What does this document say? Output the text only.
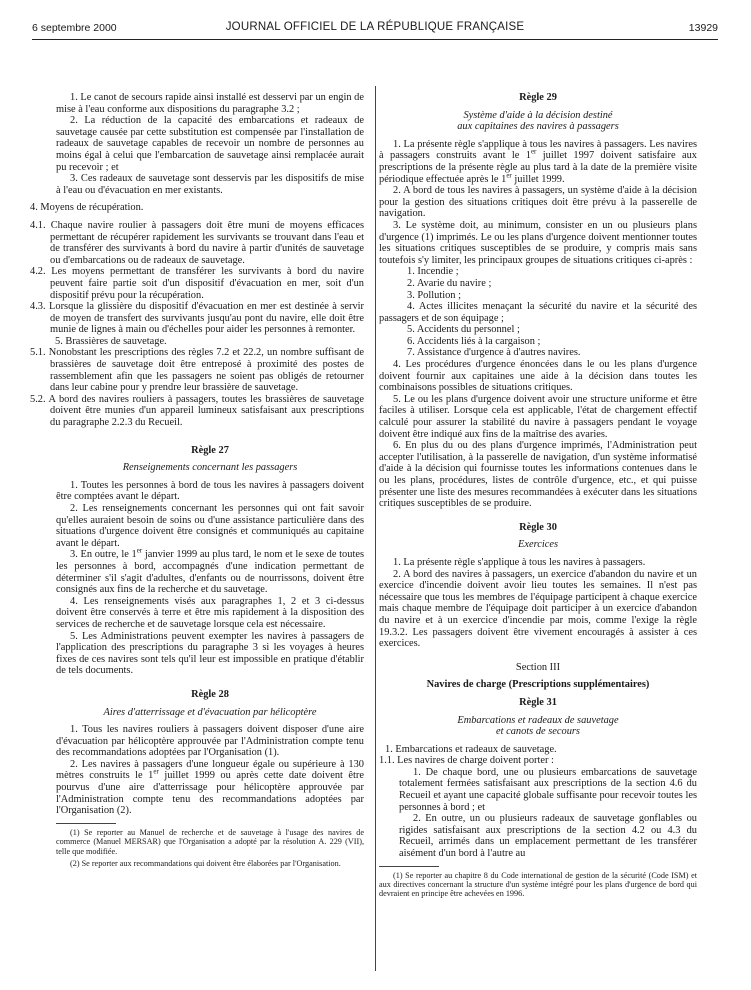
6 septembre 2000	JOURNAL OFFICIEL DE LA RÉPUBLIQUE FRANÇAISE	13929

1. Le canot de secours rapide ainsi installé est desservi par un engin de mise à l'eau conforme aux dispositions du paragraphe 3.2 ;

2. La réduction de la capacité des embarcations et radeaux de sauvetage causée par cette substitution est compensée par l'installation de radeaux de sauvetage capables de recevoir un nombre de personnes au moins égal à celui que l'embarcation de sauvetage ainsi remplacée aurait pu recevoir ; et

3. Ces radeaux de sauvetage sont desservis par les dispositifs de mise à l'eau ou d'évacuation en mer existants.

4. Moyens de récupération.

4.1. Chaque navire roulier à passagers doit être muni de moyens efficaces permettant de récupérer rapidement les survivants se trouvant dans l'eau et de transférer des survivants à bord du navire à partir d'unités de sauvetage ou d'embarcations ou de radeaux de sauvetage.

4.2. Les moyens permettant de transférer les survivants à bord du navire peuvent faire partie soit d'un dispositif d'évacuation en mer, soit d'un dispositif prévu pour la récupération.

4.3. Lorsque la glissière du dispositif d'évacuation en mer est destinée à servir de moyen de transfert des survivants jusqu'au pont du navire, elle doit être munie de lignes à main ou d'échelles pour aider les personnes à remonter.

5. Brassières de sauvetage.

5.1. Nonobstant les prescriptions des règles 7.2 et 22.2, un nombre suffisant de brassières de sauvetage doit être entreposé à proximité des postes de rassemblement afin que les passagers ne soient pas obligés de retourner dans leur cabine pour y prendre leur brassière de sauvetage.

5.2. A bord des navires rouliers à passagers, toutes les brassières de sauvetage doivent être munies d'un appareil lumineux satisfaisant aux prescriptions du paragraphe 2.2.3 du Recueil.

Règle 27

Renseignements concernant les passagers

1. Toutes les personnes à bord de tous les navires à passagers doivent être comptées avant le départ.

2. Les renseignements concernant les personnes qui ont fait savoir qu'elles auraient besoin de soins ou d'une assistance particulière dans des situations d'urgence doivent être consignés et communiqués au capitaine avant le départ.

3. En outre, le 1er janvier 1999 au plus tard, le nom et le sexe de toutes les personnes à bord, accompagnés d'une indication permettant de déterminer s'il s'agit d'adultes, d'enfants ou de nourrissons, doivent être consignés aux fins de la recherche et du sauvetage.

4. Les renseignements visés aux paragraphes 1, 2 et 3 ci-dessus doivent être conservés à terre et être mis rapidement à la disposition des services de recherche et de sauvetage lorsque cela est nécessaire.

5. Les Administrations peuvent exempter les navires à passagers de l'application des prescriptions du paragraphe 3 si les voyages à heures fixes de ces navires sont tels qu'il leur est impossible en pratique d'établir de tels documents.

Règle 28

Aires d'atterrissage et d'évacuation par hélicoptère

1. Tous les navires rouliers à passagers doivent disposer d'une aire d'évacuation par hélicoptère approuvée par l'Administration compte tenu des recommandations adoptées par l'Organisation (1).

2. Les navires à passagers d'une longueur égale ou supérieure à 130 mètres construits le 1er juillet 1999 ou après cette date doivent être pourvus d'une aire d'atterrissage pour hélicoptère approuvée par l'Administration compte tenu des recommandations adoptées par l'Organisation (2).

(1) Se reporter au Manuel de recherche et de sauvetage à l'usage des navires de commerce (Manuel MERSAR) que l'Organisation a adopté par la résolution A. 229 (VII), telle que modifiée.

(2) Se reporter aux recommandations qui doivent être élaborées par l'Organisation.

Règle 29

Système d'aide à la décision destiné

aux capitaines des navires à passagers

1. La présente règle s'applique à tous les navires à passagers. Les navires à passagers construits avant le 1er juillet 1997 doivent satisfaire aux prescriptions de la présente règle au plus tard à la date de la première visite périodique effectuée après le 1er juillet 1999.

2. A bord de tous les navires à passagers, un système d'aide à la décision pour la gestion des situations critiques doit être prévu à la passerelle de navigation.

3. Le système doit, au minimum, consister en un ou plusieurs plans d'urgence (1) imprimés. Le ou les plans d'urgence doivent mentionner toutes les situations critiques susceptibles de se produire, y compris mais sans toutefois s'y limiter, les principaux groupes de situations critiques ci-après :

1. Incendie ;

2. Avarie du navire ;

3. Pollution ;

4. Actes illicites menaçant la sécurité du navire et la sécurité des passagers et de son équipage ;

5. Accidents du personnel ;

6. Accidents liés à la cargaison ;

7. Assistance d'urgence à d'autres navires.

4. Les procédures d'urgence énoncées dans le ou les plans d'urgence doivent fournir aux capitaines une aide à la décision dans toutes les combinaisons possibles de situations critiques.

5. Le ou les plans d'urgence doivent avoir une structure uniforme et être faciles à utiliser. Lorsque cela est applicable, l'état de chargement effectif calculé pour assurer la stabilité du navire à passagers pendant le voyage doivent être indiqué aux fins de la maîtrise des avaries.

6. En plus du ou des plans d'urgence imprimés, l'Administration peut accepter l'utilisation, à la passerelle de navigation, d'un système informatisé d'aide à la décision qui fournisse toutes les informations contenues dans le ou les plans, procédures, listes de contrôle d'urgence, etc., et qui puisse présenter une liste des mesures recommandées à exécuter dans les situations critiques susceptibles de se produire.

Règle 30

Exercices

1. La présente règle s'applique à tous les navires à passagers.

2. A bord des navires à passagers, un exercice d'abandon du navire et un exercice d'incendie doivent avoir lieu toutes les semaines. Il n'est pas nécessaire que tous les membres de l'équipage participent à chaque exercice mais chaque membre de l'équipage doit participer à un exercice d'abandon du navire et à un exercice d'incendie par mois, comme l'exige la règle 19.3.2. Les passagers doivent être vivement encouragés à assister à ces exercices.

Section III

Navires de charge (Prescriptions supplémentaires)

Règle 31

Embarcations et radeaux de sauvetage

et canots de secours

1. Embarcations et radeaux de sauvetage.

1.1. Les navires de charge doivent porter :

1. De chaque bord, une ou plusieurs embarcations de sauvetage totalement fermées satisfaisant aux prescriptions de la section 4.6 du Recueil et ayant une capacité globale suffisante pour recevoir toutes les personnes à bord ; et

2. En outre, un ou plusieurs radeaux de sauvetage gonflables ou rigides satisfaisant aux prescriptions de la section 4.2 ou 4.3 du Recueil, arrimés dans un emplacement permettant de les transférer aisément d'un bord à l'autre au

(1) Se reporter au chapitre 8 du Code international de gestion de la sécurité (Code ISM) et aux directives concernant la structure d'un système intégré pour les plans d'urgence de bord qui devraient en principe être achevées en 1996.
